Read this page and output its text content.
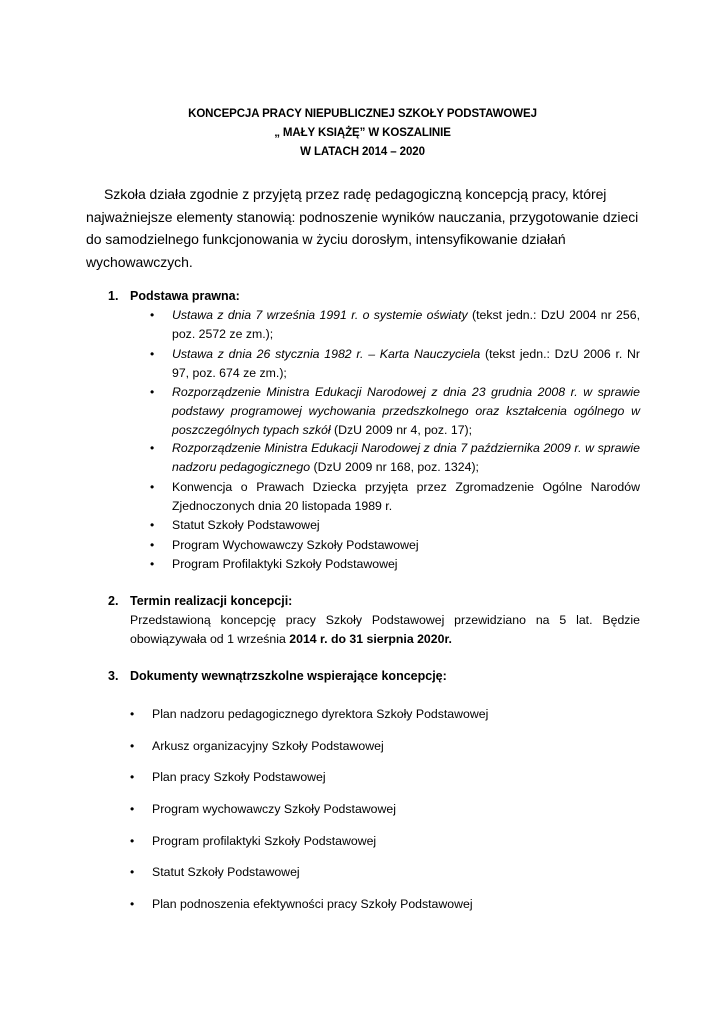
KONCEPCJA PRACY NIEPUBLICZNEJ SZKOŁY PODSTAWOWEJ
„ MAŁY KSIĄŻĘ” W KOSZALINIE
W LATACH 2014 – 2020
Szkoła działa zgodnie z przyjętą przez radę pedagogiczną koncepcją pracy, której najważniejsze elementy stanowią: podnoszenie wyników nauczania, przygotowanie dzieci do samodzielnego funkcjonowania w życiu dorosłym, intensyfikowanie działań wychowawczych.
1. Podstawa prawna:
• Ustawa z dnia 7 września 1991 r. o systemie oświaty (tekst jedn.: DzU 2004 nr 256, poz. 2572 ze zm.);
• Ustawa z dnia 26 stycznia 1982 r. – Karta Nauczyciela (tekst jedn.: DzU 2006 r. Nr 97, poz. 674 ze zm.);
• Rozporządzenie Ministra Edukacji Narodowej z dnia 23 grudnia 2008 r. w sprawie podstawy programowej wychowania przedszkolnego oraz kształcenia ogólnego w poszczególnych typach szkół (DzU 2009 nr 4, poz. 17);
• Rozporządzenie Ministra Edukacji Narodowej z dnia 7 października 2009 r. w sprawie nadzoru pedagogicznego (DzU 2009 nr 168, poz. 1324);
• Konwencja o Prawach Dziecka przyjęta przez Zgromadzenie Ogólne Narodów Zjednoczonych dnia 20 listopada 1989 r.
• Statut Szkoły Podstawowej
• Program Wychowawczy Szkoły Podstawowej
• Program Profilaktyki Szkoły Podstawowej
2. Termin realizacji koncepcji:
Przedstawioną koncepcję pracy Szkoły Podstawowej przewidziano na 5 lat. Będzie obowiązywała od 1 września 2014 r. do 31 sierpnia 2020r.
3. Dokumenty wewnątrzszkolne wspierające koncepcję:
• Plan nadzoru pedagogicznego dyrektora Szkoły Podstawowej
• Arkusz organizacyjny Szkoły Podstawowej
• Plan pracy Szkoły Podstawowej
• Program wychowawczy Szkoły Podstawowej
• Program profilaktyki Szkoły Podstawowej
• Statut Szkoły Podstawowej
• Plan podnoszenia efektywności pracy Szkoły Podstawowej
